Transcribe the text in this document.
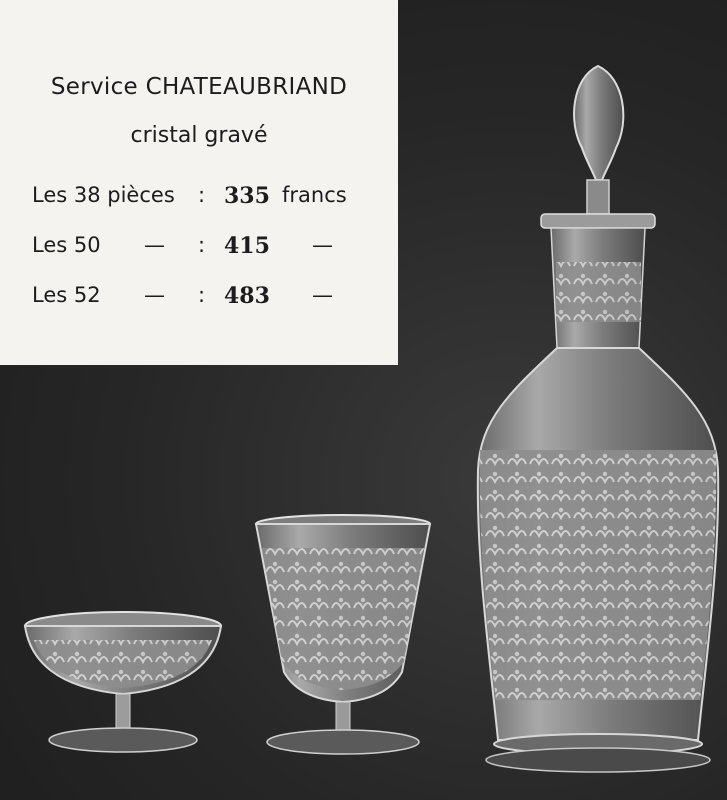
Service CHATEAUBRIAND
cristal gravé
Les 38 pièces : 335 francs
Les 50 — : 415 —
Les 52 — : 483 —
